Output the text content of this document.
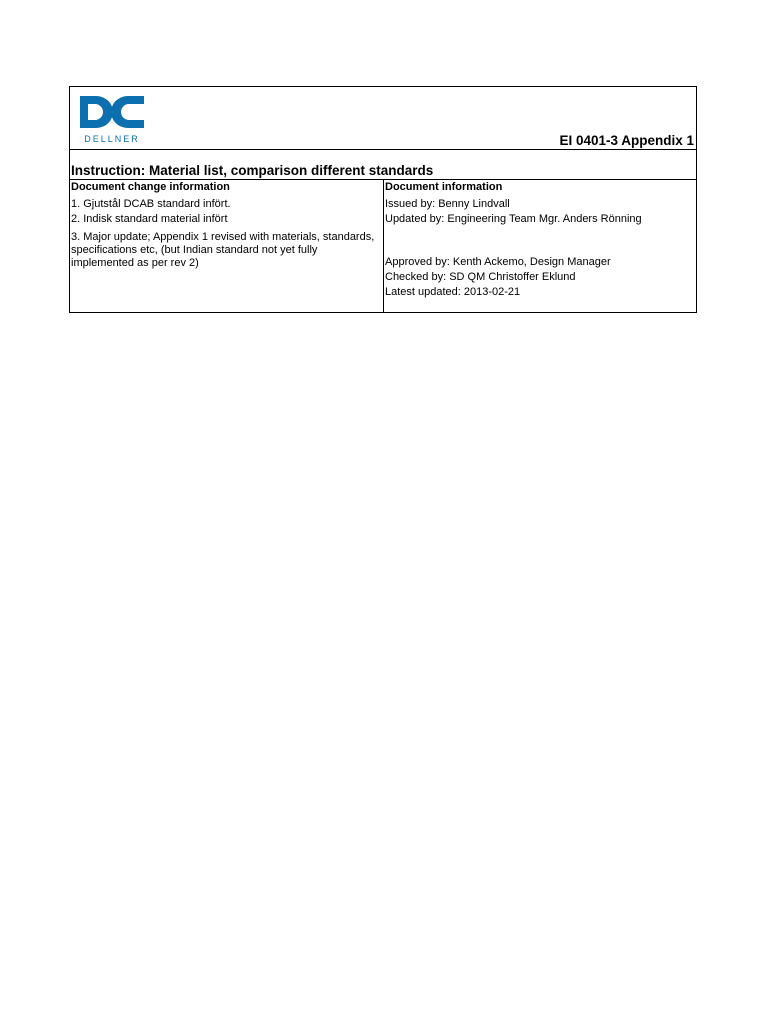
DELLNER	EI 0401-3 Appendix 1
Instruction: Material list, comparison different standards
Document change information
1. Gjutstål DCAB standard infört.
2. Indisk standard material infört
3. Major update; Appendix 1 revised with materials, standards, specifications etc, (but Indian standard not yet fully implemented as per rev 2)
Document information
Issued by: Benny Lindvall
Updated by: Engineering Team Mgr. Anders Rönning
Approved by: Kenth Ackemo, Design Manager
Checked by: SD QM Christoffer Eklund
Latest updated: 2013-02-21
